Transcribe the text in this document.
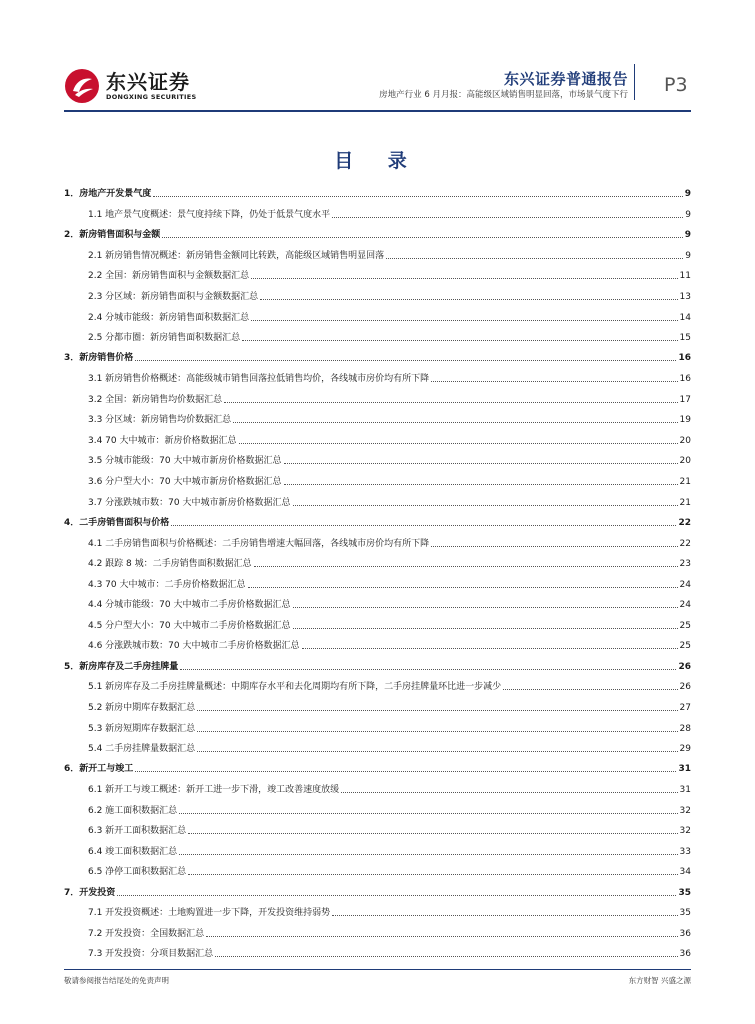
东兴证券
DONGXING SECURITIES
东兴证券普通报告
房地产行业 6 月月报：高能级区域销售明显回落，市场景气度下行 P3
目 录
1．房地产开发景气度	9
1.1 地产景气度概述：景气度持续下降，仍处于低景气度水平	9
2．新房销售面积与金额	9
2.1 新房销售情况概述：新房销售金额同比转跌，高能级区域销售明显回落	9
2.2 全国：新房销售面积与金额数据汇总	11
2.3 分区域：新房销售面积与金额数据汇总	13
2.4 分城市能级：新房销售面积数据汇总	14
2.5 分都市圈：新房销售面积数据汇总	15
3．新房销售价格	16
3.1 新房销售价格概述：高能级城市销售回落拉低销售均价，各线城市房价均有所下降	16
3.2 全国：新房销售均价数据汇总	17
3.3 分区域：新房销售均价数据汇总	19
3.4 70 大中城市：新房价格数据汇总	20
3.5 分城市能级：70 大中城市新房价格数据汇总	20
3.6 分户型大小：70 大中城市新房价格数据汇总	21
3.7 分涨跌城市数：70 大中城市新房价格数据汇总	21
4．二手房销售面积与价格	22
4.1 二手房销售面积与价格概述：二手房销售增速大幅回落，各线城市房价均有所下降	22
4.2 跟踪 8 城：二手房销售面积数据汇总	23
4.3 70 大中城市：二手房价格数据汇总	24
4.4 分城市能级：70 大中城市二手房价格数据汇总	24
4.5 分户型大小：70 大中城市二手房价格数据汇总	25
4.6 分涨跌城市数：70 大中城市二手房价格数据汇总	25
5．新房库存及二手房挂牌量	26
5.1 新房库存及二手房挂牌量概述：中期库存水平和去化周期均有所下降，二手房挂牌量环比进一步减少	26
5.2 新房中期库存数据汇总	27
5.3 新房短期库存数据汇总	28
5.4 二手房挂牌量数据汇总	29
6．新开工与竣工	31
6.1 新开工与竣工概述：新开工进一步下滑，竣工改善速度放缓	31
6.2 施工面积数据汇总	32
6.3 新开工面积数据汇总	32
6.4 竣工面积数据汇总	33
6.5 净停工面积数据汇总	34
7．开发投资	35
7.1 开发投资概述：土地购置进一步下降，开发投资维持弱势	35
7.2 开发投资：全国数据汇总	36
7.3 开发投资：分项目数据汇总	36
敬请参阅报告结尾处的免责声明	东方财智 兴盛之源
